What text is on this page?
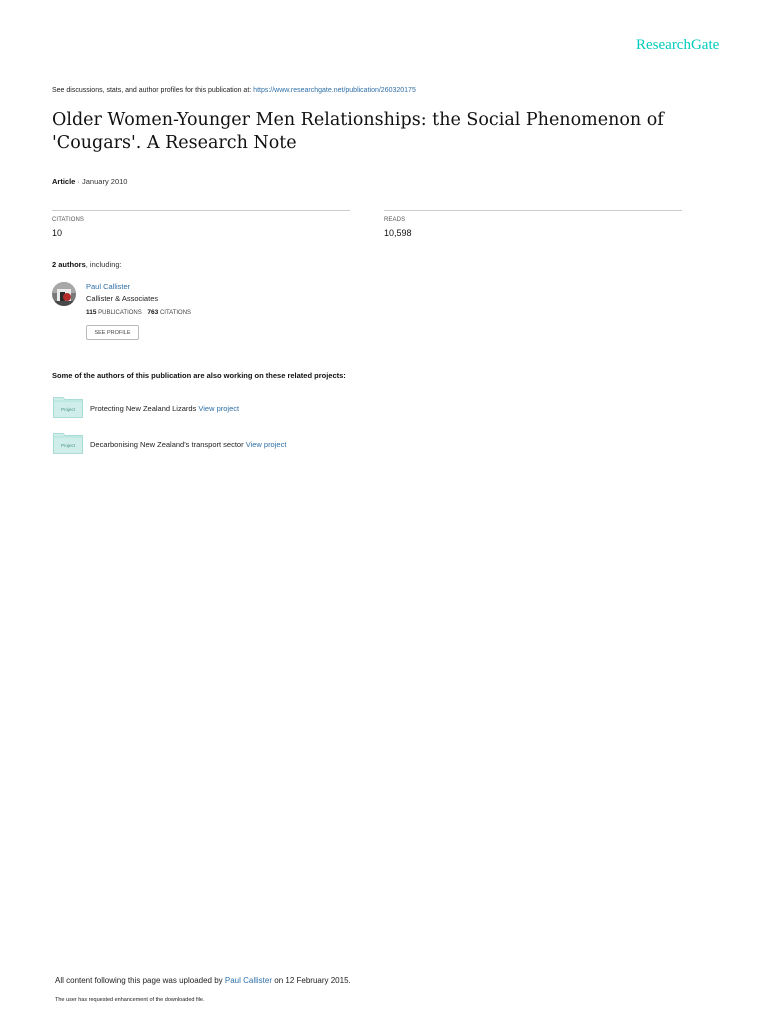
ResearchGate
See discussions, stats, and author profiles for this publication at: https://www.researchgate.net/publication/260320175
Older Women-Younger Men Relationships: the Social Phenomenon of 'Cougars'. A Research Note
Article · January 2010
CITATIONS
10
READS
10,598
2 authors, including:
Paul Callister
Callister & Associates
115 PUBLICATIONS 763 CITATIONS
SEE PROFILE
Some of the authors of this publication are also working on these related projects:
Project Protecting New Zealand Lizards View project
Project Decarbonising New Zealand's transport sector View project
All content following this page was uploaded by Paul Callister on 12 February 2015.
The user has requested enhancement of the downloaded file.
